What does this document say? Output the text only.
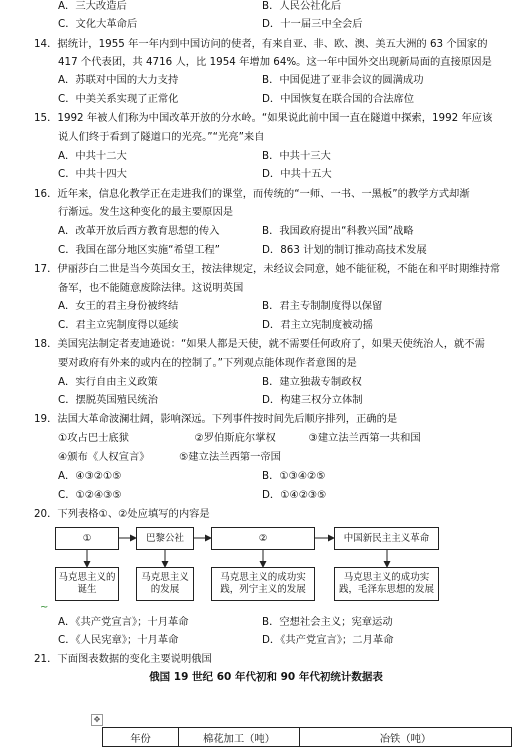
A．三大改造后	B．人民公社化后
C．文化大革命后	D．十一届三中全会后
14．据统计，1955 年一年内到中国访问的使者，有来自亚、非、欧、澳、美五大洲的 63 个国家的
417 个代表团，共 4716 人，比 1954 年增加 64%。这一年中国外交出现新局面的直接原因是
A．苏联对中国的大力支持	B．中国促进了亚非会议的圆满成功
C．中美关系实现了正常化	D．中国恢复在联合国的合法席位
15．1992 年被人们称为中国改革开放的分水岭。“如果说此前中国一直在隧道中探索，1992 年应该
说人们终于看到了隧道口的光亮。”“光亮”来自
A．中共十二大	B．中共十三大
C．中共十四大	D．中共十五大
16．近年来，信息化教学正在走进我们的课堂，而传统的“一师、一书、一黑板”的教学方式却渐
行渐远。发生这种变化的最主要原因是
A．改革开放后西方教育思想的传入	B．我国政府提出“科教兴国”战略
C．我国在部分地区实施“希望工程”	D．863 计划的制订推动高技术发展
17．伊丽莎白二世是当今英国女王，按法律规定，未经议会同意，她不能征税，不能在和平时期维持常
备军，也不能随意废除法律。这说明英国
A．女王的君主身份被终结	B．君主专制制度得以保留
C．君主立宪制度得以延续	D．君主立宪制度被动摇
18．美国宪法制定者麦迪逊说：“如果人都是天使，就不需要任何政府了，如果天使统治人，就不需
要对政府有外来的或内在的控制了。”下列观点能体现作者意图的是
A．实行自由主义政策	B．建立独裁专制政权
C．摆脱英国殖民统治	D．构建三权分立体制
19．法国大革命波澜壮阔，影响深远。下列事件按时间先后顺序排列，正确的是
①攻占巴士底狱                    ②罗伯斯庇尔掌权          ③建立法兰西第一共和国
④颁布《人权宣言》         ⑤建立法兰西第一帝国
A．④③②①⑤	B．①③④②⑤
C．①②④③⑤	D．①④②③⑤
20．下列表格①、②处应填写的内容是
①	巴黎公社	②	中国新民主主义革命
马克思主义的诞生
马克思主义的发展
马克思主义的成功实践，列宁主义的发展
马克思主义的成功实践，毛泽东思想的发展
~
A．《共产党宣言》；十月革命	B．空想社会主义；宪章运动
C．《人民宪章》；十月革命	D．《共产党宣言》；二月革命
21．下面图表数据的变化主要说明俄国
俄国 19 世纪 60 年代初和 90 年代初统计数据表
✥
年份	棉花加工（吨）	冶铁（吨）
